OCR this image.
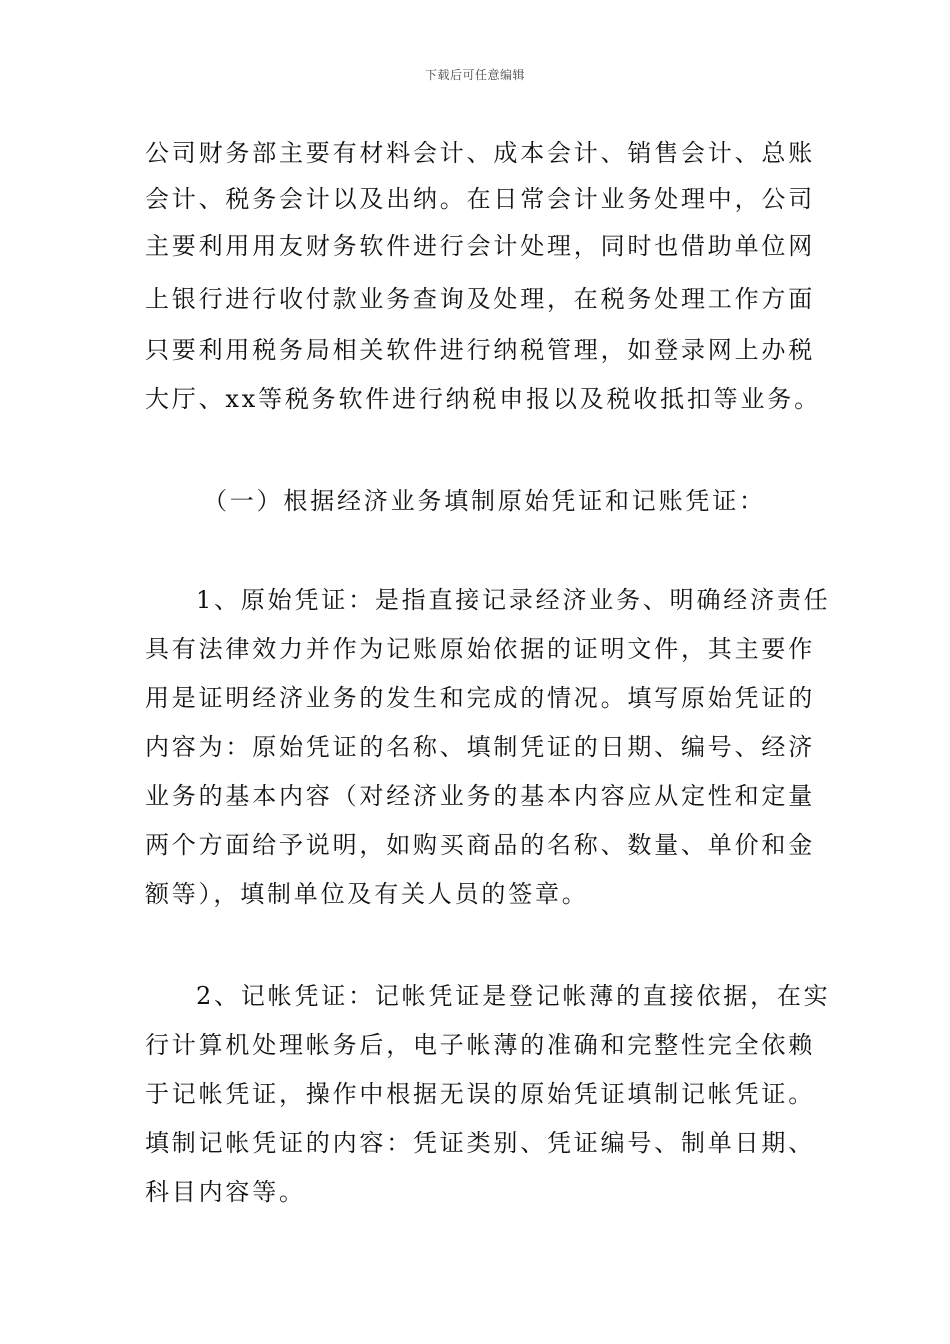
下载后可任意编辑
公司财务部主要有材料会计、成本会计、销售会计、总账
会计、税务会计以及出纳。在日常会计业务处理中，公司
主要利用用友财务软件进行会计处理，同时也借助单位网
上银行进行收付款业务查询及处理，在税务处理工作方面
只要利用税务局相关软件进行纳税管理，如登录网上办税
大厅、xx等税务软件进行纳税申报以及税收抵扣等业务。
（一）根据经济业务填制原始凭证和记账凭证：
1、原始凭证：是指直接记录经济业务、明确经济责任
具有法律效力并作为记账原始依据的证明文件，其主要作
用是证明经济业务的发生和完成的情况。填写原始凭证的
内容为：原始凭证的名称、填制凭证的日期、编号、经济
业务的基本内容（对经济业务的基本内容应从定性和定量
两个方面给予说明，如购买商品的名称、数量、单价和金
额等），填制单位及有关人员的签章。
2、记帐凭证：记帐凭证是登记帐薄的直接依据，在实
行计算机处理帐务后，电子帐薄的准确和完整性完全依赖
于记帐凭证，操作中根据无误的原始凭证填制记帐凭证。
填制记帐凭证的内容：凭证类别、凭证编号、制单日期、
科目内容等。
